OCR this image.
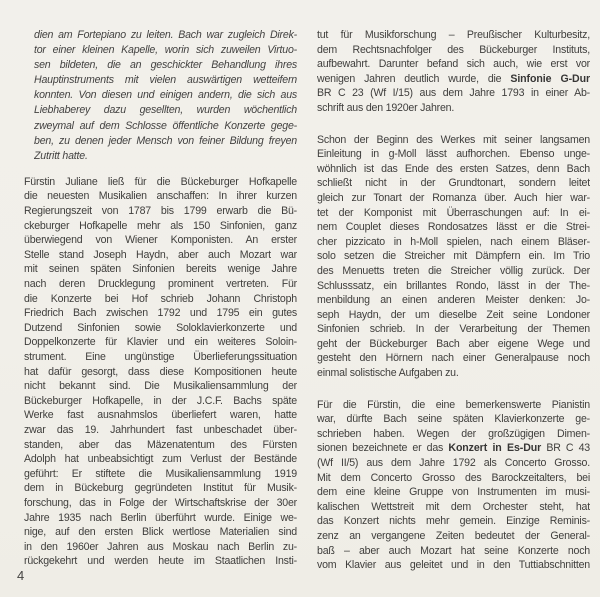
dien am Fortepiano zu leiten. Bach war zugleich Direk-
tor einer kleinen Kapelle, worin sich zuweilen Virtuo-
sen bildeten, die an geschickter Behandlung ihres
Hauptinstruments mit vielen auswärtigen wetteifern
konnten. Von diesen und einigen andern, die sich aus
Liebhaberey dazu gesellten, wurden wöchentlich
zweymal auf dem Schlosse öffentliche Konzerte gege-
ben, zu denen jeder Mensch von feiner Bildung freyen
Zutritt hatte.
Fürstin Juliane ließ für die Bückeburger Hofkapelle
die neuesten Musikalien anschaffen: In ihrer kurzen
Regierungszeit von 1787 bis 1799 erwarb die Bü-
ckeburger Hofkapelle mehr als 150 Sinfonien, ganz
überwiegend von Wiener Komponisten. An erster
Stelle stand Joseph Haydn, aber auch Mozart war
mit seinen späten Sinfonien bereits wenige Jahre
nach deren Drucklegung prominent vertreten. Für
die Konzerte bei Hof schrieb Johann Christoph
Friedrich Bach zwischen 1792 und 1795 ein gutes
Dutzend Sinfonien sowie Soloklavierkonzerte und
Doppelkonzerte für Klavier und ein weiteres Soloin-
strument. Eine ungünstige Überlieferungssituation
hat dafür gesorgt, dass diese Kompositionen heute
nicht bekannt sind. Die Musikaliensammlung der
Bückeburger Hofkapelle, in der J.C.F. Bachs späte
Werke fast ausnahmslos überliefert waren, hatte
zwar das 19. Jahrhundert fast unbeschadet über-
standen, aber das Mäzenatentum des Fürsten
Adolph hat unbeabsichtigt zum Verlust der Bestände
geführt: Er stiftete die Musikaliensammlung 1919
dem in Bückeburg gegründeten Institut für Musik-
forschung, das in Folge der Wirtschaftskrise der 30er
Jahre 1935 nach Berlin überführt wurde. Einige we-
nige, auf den ersten Blick wertlose Materialien sind
in den 1960er Jahren aus Moskau nach Berlin zu-
rückgekehrt und werden heute im Staatlichen Insti-
tut für Musikforschung – Preußischer Kulturbesitz,
dem Rechtsnachfolger des Bückeburger Instituts,
aufbewahrt. Darunter befand sich auch, wie erst vor
wenigen Jahren deutlich wurde, die Sinfonie G-Dur
BR C 23 (Wf I/15) aus dem Jahre 1793 in einer Ab-
schrift aus den 1920er Jahren.
Schon der Beginn des Werkes mit seiner langsamen
Einleitung in g-Moll lässt aufhorchen. Ebenso unge-
wöhnlich ist das Ende des ersten Satzes, denn Bach
schließt nicht in der Grundtonart, sondern leitet
gleich zur Tonart der Romanza über. Auch hier war-
tet der Komponist mit Überraschungen auf: In ei-
nem Couplet dieses Rondosatzes lässt er die Strei-
cher pizzicato in h-Moll spielen, nach einem Bläser-
solo setzen die Streicher mit Dämpfern ein. Im Trio
des Menuetts treten die Streicher völlig zurück. Der
Schlusssatz, ein brillantes Rondo, lässt in der The-
menbildung an einen anderen Meister denken: Jo-
seph Haydn, der um dieselbe Zeit seine Londoner
Sinfonien schrieb. In der Verarbeitung der Themen
geht der Bückeburger Bach aber eigene Wege und
gesteht den Hörnern nach einer Generalpause noch
einmal solistische Aufgaben zu.
Für die Fürstin, die eine bemerkenswerte Pianistin
war, dürfte Bach seine späten Klavierkonzerte ge-
schrieben haben. Wegen der großzügigen Dimen-
sionen bezeichnete er das Konzert in Es-Dur BR C 43
(Wf II/5) aus dem Jahre 1792 als Concerto Grosso.
Mit dem Concerto Grosso des Barockzeitalters, bei
dem eine kleine Gruppe von Instrumenten im musi-
kalischen Wettstreit mit dem Orchester steht, hat
das Konzert nichts mehr gemein. Einzige Reminis-
zenz an vergangene Zeiten bedeutet der General-
baß – aber auch Mozart hat seine Konzerte noch
vom Klavier aus geleitet und in den Tuttiabschnitten
4
